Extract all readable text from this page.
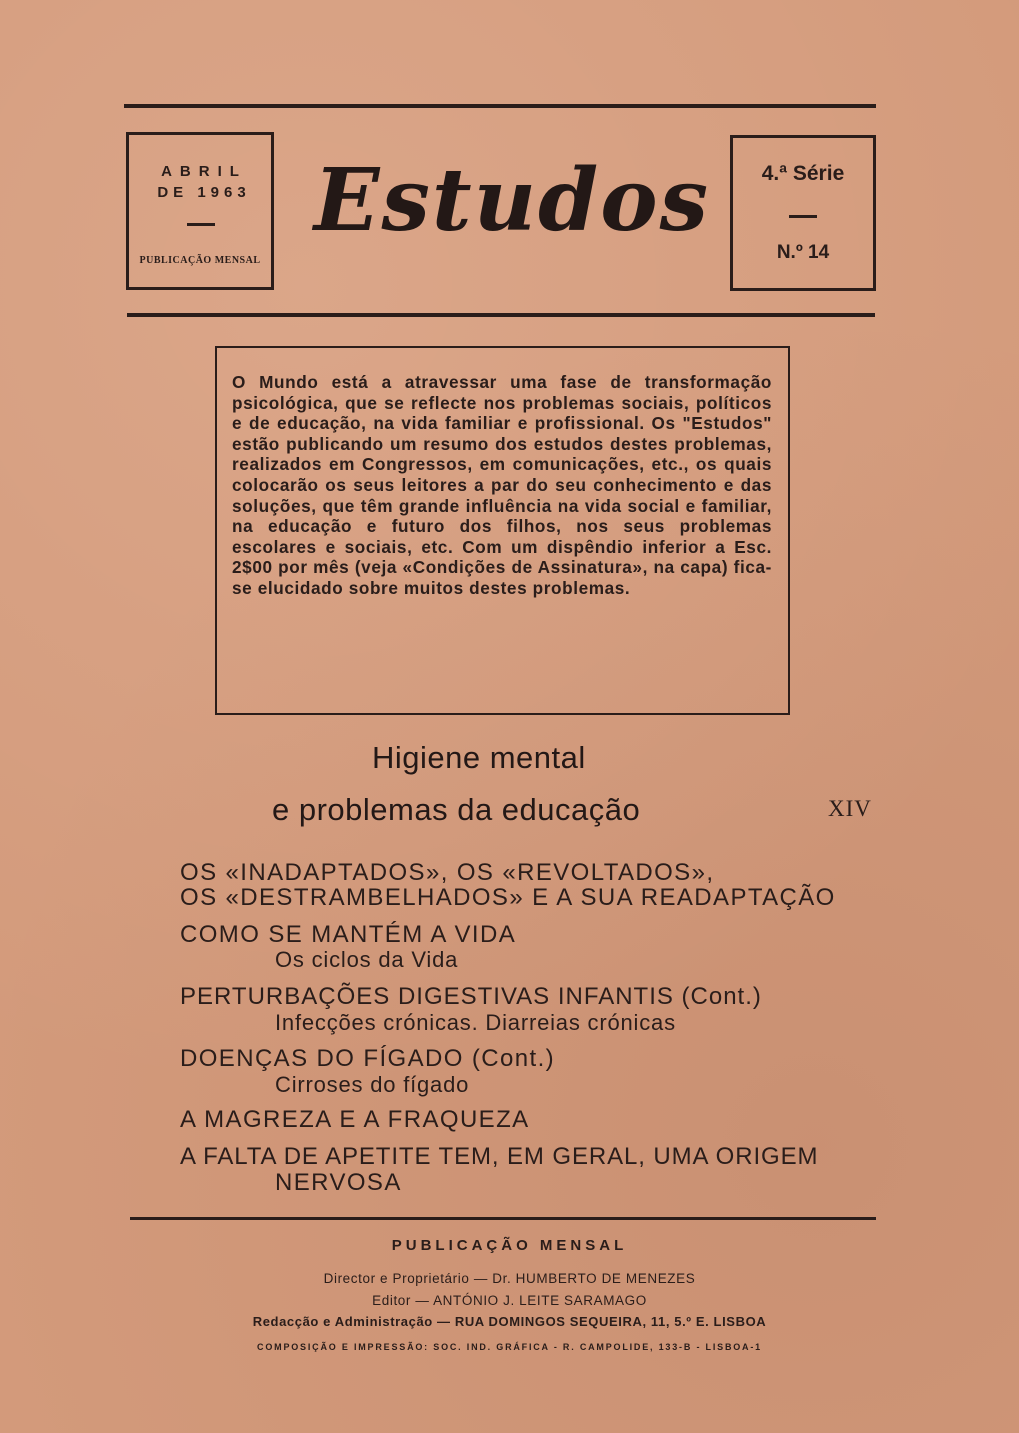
ABRIL
DE 1963
PUBLICAÇÃO MENSAL
Estudos	4.ª Série
N.º 14
O Mundo está a atravessar uma fase de transformação psicológica, que se reflecte nos problemas sociais, políticos e de educação, na vida familiar e profissional. Os "Estudos" estão publicando um resumo dos estudos destes problemas, realizados em Congressos, em comunicações, etc., os quais colocarão os seus leitores a par do seu conhecimento e das soluções, que têm grande influência na vida social e familiar, na educação e futuro dos filhos, nos seus problemas escolares e sociais, etc. Com um dispêndio inferior a Esc. 2$00 por mês (veja «Condições de Assinatura», na capa) fica-se elucidado sobre muitos destes problemas.
Higiene mental
e problemas da educação	XIV
OS «INADAPTADOS», OS «REVOLTADOS»,
OS «DESTRAMBELHADOS» E A SUA READAPTAÇÃO
COMO SE MANTÉM A VIDA
Os ciclos da Vida
PERTURBAÇÕES DIGESTIVAS INFANTIS (Cont.)
Infecções crónicas. Diarreias crónicas
DOENÇAS DO FÍGADO (Cont.)
Cirroses do fígado
A MAGREZA E A FRAQUEZA
A FALTA DE APETITE TEM, EM GERAL, UMA ORIGEM
NERVOSA
PUBLICAÇÃO MENSAL
Director e Proprietário — Dr. HUMBERTO DE MENEZES
Editor — ANTÓNIO J. LEITE SARAMAGO
Redacção e Administração — RUA DOMINGOS SEQUEIRA, 11, 5.º E. LISBOA
COMPOSIÇÃO E IMPRESSÃO: SOC. IND. GRÁFICA - R. CAMPOLIDE, 133-B - LISBOA-1
